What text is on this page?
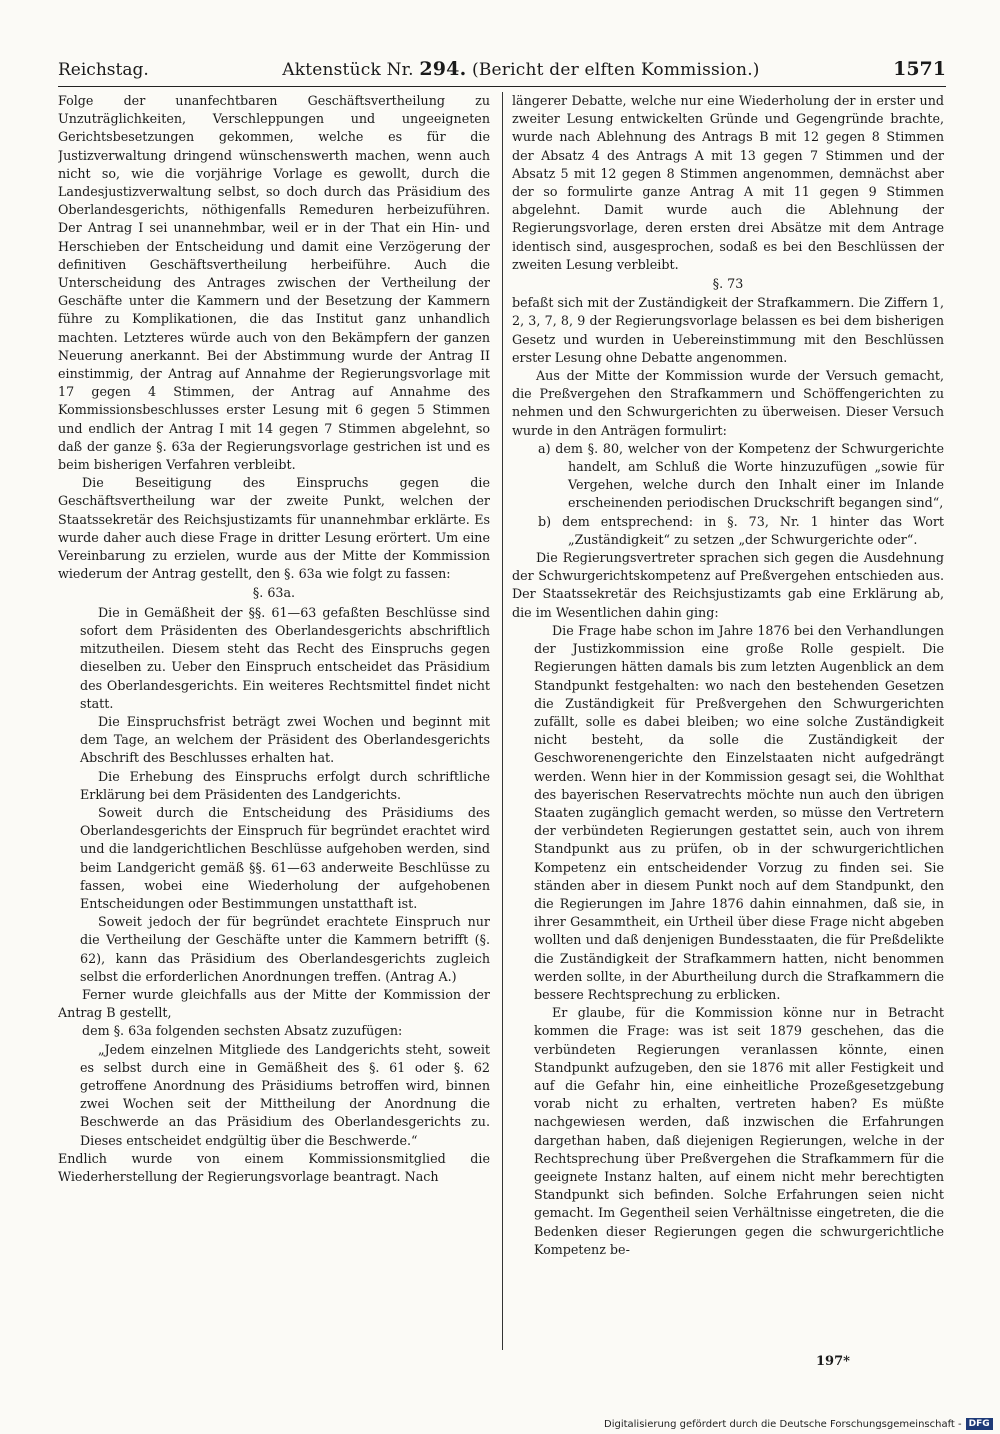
Reichstag.	Aktenstück Nr. 294. (Bericht der elften Kommission.)	1571

Folge der unanfechtbaren Geschäftsvertheilung zu Unzuträglichkeiten, Verschleppungen und ungeeigneten Gerichtsbesetzungen gekommen, welche es für die Justizverwaltung dringend wünschenswerth machen, wenn auch nicht so, wie die vorjährige Vorlage es gewollt, durch die Landesjustizverwaltung selbst, so doch durch das Präsidium des Oberlandesgerichts, nöthigenfalls Remeduren herbeizuführen. Der Antrag I sei unannehmbar, weil er in der That ein Hin- und Herschieben der Entscheidung und damit eine Verzögerung der definitiven Geschäftsvertheilung herbeiführe. Auch die Unterscheidung des Antrages zwischen der Vertheilung der Geschäfte unter die Kammern und der Besetzung der Kammern führe zu Komplikationen, die das Institut ganz unhandlich machten. Letzteres würde auch von den Bekämpfern der ganzen Neuerung anerkannt. Bei der Abstimmung wurde der Antrag II einstimmig, der Antrag auf Annahme der Regierungsvorlage mit 17 gegen 4 Stimmen, der Antrag auf Annahme des Kommissionsbeschlusses erster Lesung mit 6 gegen 5 Stimmen und endlich der Antrag I mit 14 gegen 7 Stimmen abgelehnt, so daß der ganze §. 63a der Regierungsvorlage gestrichen ist und es beim bisherigen Verfahren verbleibt.

Die Beseitigung des Einspruchs gegen die Geschäftsvertheilung war der zweite Punkt, welchen der Staatssekretär des Reichsjustizamts für unannehmbar erklärte. Es wurde daher auch diese Frage in dritter Lesung erörtert. Um eine Vereinbarung zu erzielen, wurde aus der Mitte der Kommission wiederum der Antrag gestellt, den §. 63a wie folgt zu fassen:

§. 63a.

Die in Gemäßheit der §§. 61—63 gefaßten Beschlüsse sind sofort dem Präsidenten des Oberlandesgerichts abschriftlich mitzutheilen. Diesem steht das Recht des Einspruchs gegen dieselben zu. Ueber den Einspruch entscheidet das Präsidium des Oberlandesgerichts. Ein weiteres Rechtsmittel findet nicht statt.

Die Einspruchsfrist beträgt zwei Wochen und beginnt mit dem Tage, an welchem der Präsident des Oberlandesgerichts Abschrift des Beschlusses erhalten hat.

Die Erhebung des Einspruchs erfolgt durch schriftliche Erklärung bei dem Präsidenten des Landgerichts.

Soweit durch die Entscheidung des Präsidiums des Oberlandesgerichts der Einspruch für begründet erachtet wird und die landgerichtlichen Beschlüsse aufgehoben werden, sind beim Landgericht gemäß §§. 61—63 anderweite Beschlüsse zu fassen, wobei eine Wiederholung der aufgehobenen Entscheidungen oder Bestimmungen unstatthaft ist.

Soweit jedoch der für begründet erachtete Einspruch nur die Vertheilung der Geschäfte unter die Kammern betrifft (§. 62), kann das Präsidium des Oberlandesgerichts zugleich selbst die erforderlichen Anordnungen treffen. (Antrag A.)

Ferner wurde gleichfalls aus der Mitte der Kommission der Antrag B gestellt,

dem §. 63a folgenden sechsten Absatz zuzufügen:

„Jedem einzelnen Mitgliede des Landgerichts steht, soweit es selbst durch eine in Gemäßheit des §. 61 oder §. 62 getroffene Anordnung des Präsidiums betroffen wird, binnen zwei Wochen seit der Mittheilung der Anordnung die Beschwerde an das Präsidium des Oberlandesgerichts zu. Dieses entscheidet endgültig über die Beschwerde.“

Endlich wurde von einem Kommissionsmitglied die Wiederherstellung der Regierungsvorlage beantragt. Nach

längerer Debatte, welche nur eine Wiederholung der in erster und zweiter Lesung entwickelten Gründe und Gegengründe brachte, wurde nach Ablehnung des Antrags B mit 12 gegen 8 Stimmen der Absatz 4 des Antrags A mit 13 gegen 7 Stimmen und der Absatz 5 mit 12 gegen 8 Stimmen angenommen, demnächst aber der so formulirte ganze Antrag A mit 11 gegen 9 Stimmen abgelehnt. Damit wurde auch die Ablehnung der Regierungsvorlage, deren ersten drei Absätze mit dem Antrage identisch sind, ausgesprochen, sodaß es bei den Beschlüssen der zweiten Lesung verbleibt.

§. 73

befaßt sich mit der Zuständigkeit der Strafkammern. Die Ziffern 1, 2, 3, 7, 8, 9 der Regierungsvorlage belassen es bei dem bisherigen Gesetz und wurden in Uebereinstimmung mit den Beschlüssen erster Lesung ohne Debatte angenommen.

Aus der Mitte der Kommission wurde der Versuch gemacht, die Preßvergehen den Strafkammern und Schöffengerichten zu nehmen und den Schwurgerichten zu überweisen. Dieser Versuch wurde in den Anträgen formulirt:

a) dem §. 80, welcher von der Kompetenz der Schwurgerichte handelt, am Schluß die Worte hinzuzufügen „sowie für Vergehen, welche durch den Inhalt einer im Inlande erscheinenden periodischen Druckschrift begangen sind“,

b) dem entsprechend: in §. 73, Nr. 1 hinter das Wort „Zuständigkeit“ zu setzen „der Schwurgerichte oder“.

Die Regierungsvertreter sprachen sich gegen die Ausdehnung der Schwurgerichtskompetenz auf Preßvergehen entschieden aus. Der Staatssekretär des Reichsjustizamts gab eine Erklärung ab, die im Wesentlichen dahin ging:

Die Frage habe schon im Jahre 1876 bei den Verhandlungen der Justizkommission eine große Rolle gespielt. Die Regierungen hätten damals bis zum letzten Augenblick an dem Standpunkt festgehalten: wo nach den bestehenden Gesetzen die Zuständigkeit für Preßvergehen den Schwurgerichten zufällt, solle es dabei bleiben; wo eine solche Zuständigkeit nicht besteht, da solle die Zuständigkeit der Geschworenengerichte den Einzelstaaten nicht aufgedrängt werden. Wenn hier in der Kommission gesagt sei, die Wohlthat des bayerischen Reservatrechts möchte nun auch den übrigen Staaten zugänglich gemacht werden, so müsse den Vertretern der verbündeten Regierungen gestattet sein, auch von ihrem Standpunkt aus zu prüfen, ob in der schwurgerichtlichen Kompetenz ein entscheidender Vorzug zu finden sei. Sie ständen aber in diesem Punkt noch auf dem Standpunkt, den die Regierungen im Jahre 1876 dahin einnahmen, daß sie, in ihrer Gesammtheit, ein Urtheil über diese Frage nicht abgeben wollten und daß denjenigen Bundesstaaten, die für Preßdelikte die Zuständigkeit der Strafkammern hatten, nicht benommen werden sollte, in der Aburtheilung durch die Strafkammern die bessere Rechtsprechung zu erblicken.

Er glaube, für die Kommission könne nur in Betracht kommen die Frage: was ist seit 1879 geschehen, das die verbündeten Regierungen veranlassen könnte, einen Standpunkt aufzugeben, den sie 1876 mit aller Festigkeit und auf die Gefahr hin, eine einheitliche Prozeßgesetzgebung vorab nicht zu erhalten, vertreten haben? Es müßte nachgewiesen werden, daß inzwischen die Erfahrungen dargethan haben, daß diejenigen Regierungen, welche in der Rechtsprechung über Preßvergehen die Strafkammern für die geeignete Instanz halten, auf einem nicht mehr berechtigten Standpunkt sich befinden. Solche Erfahrungen seien nicht gemacht. Im Gegentheil seien Verhältnisse eingetreten, die die Bedenken dieser Regierungen gegen die schwurgerichtliche Kompetenz be-

197*
Digitalisierung gefördert durch die Deutsche Forschungsgemeinschaft - DFG
